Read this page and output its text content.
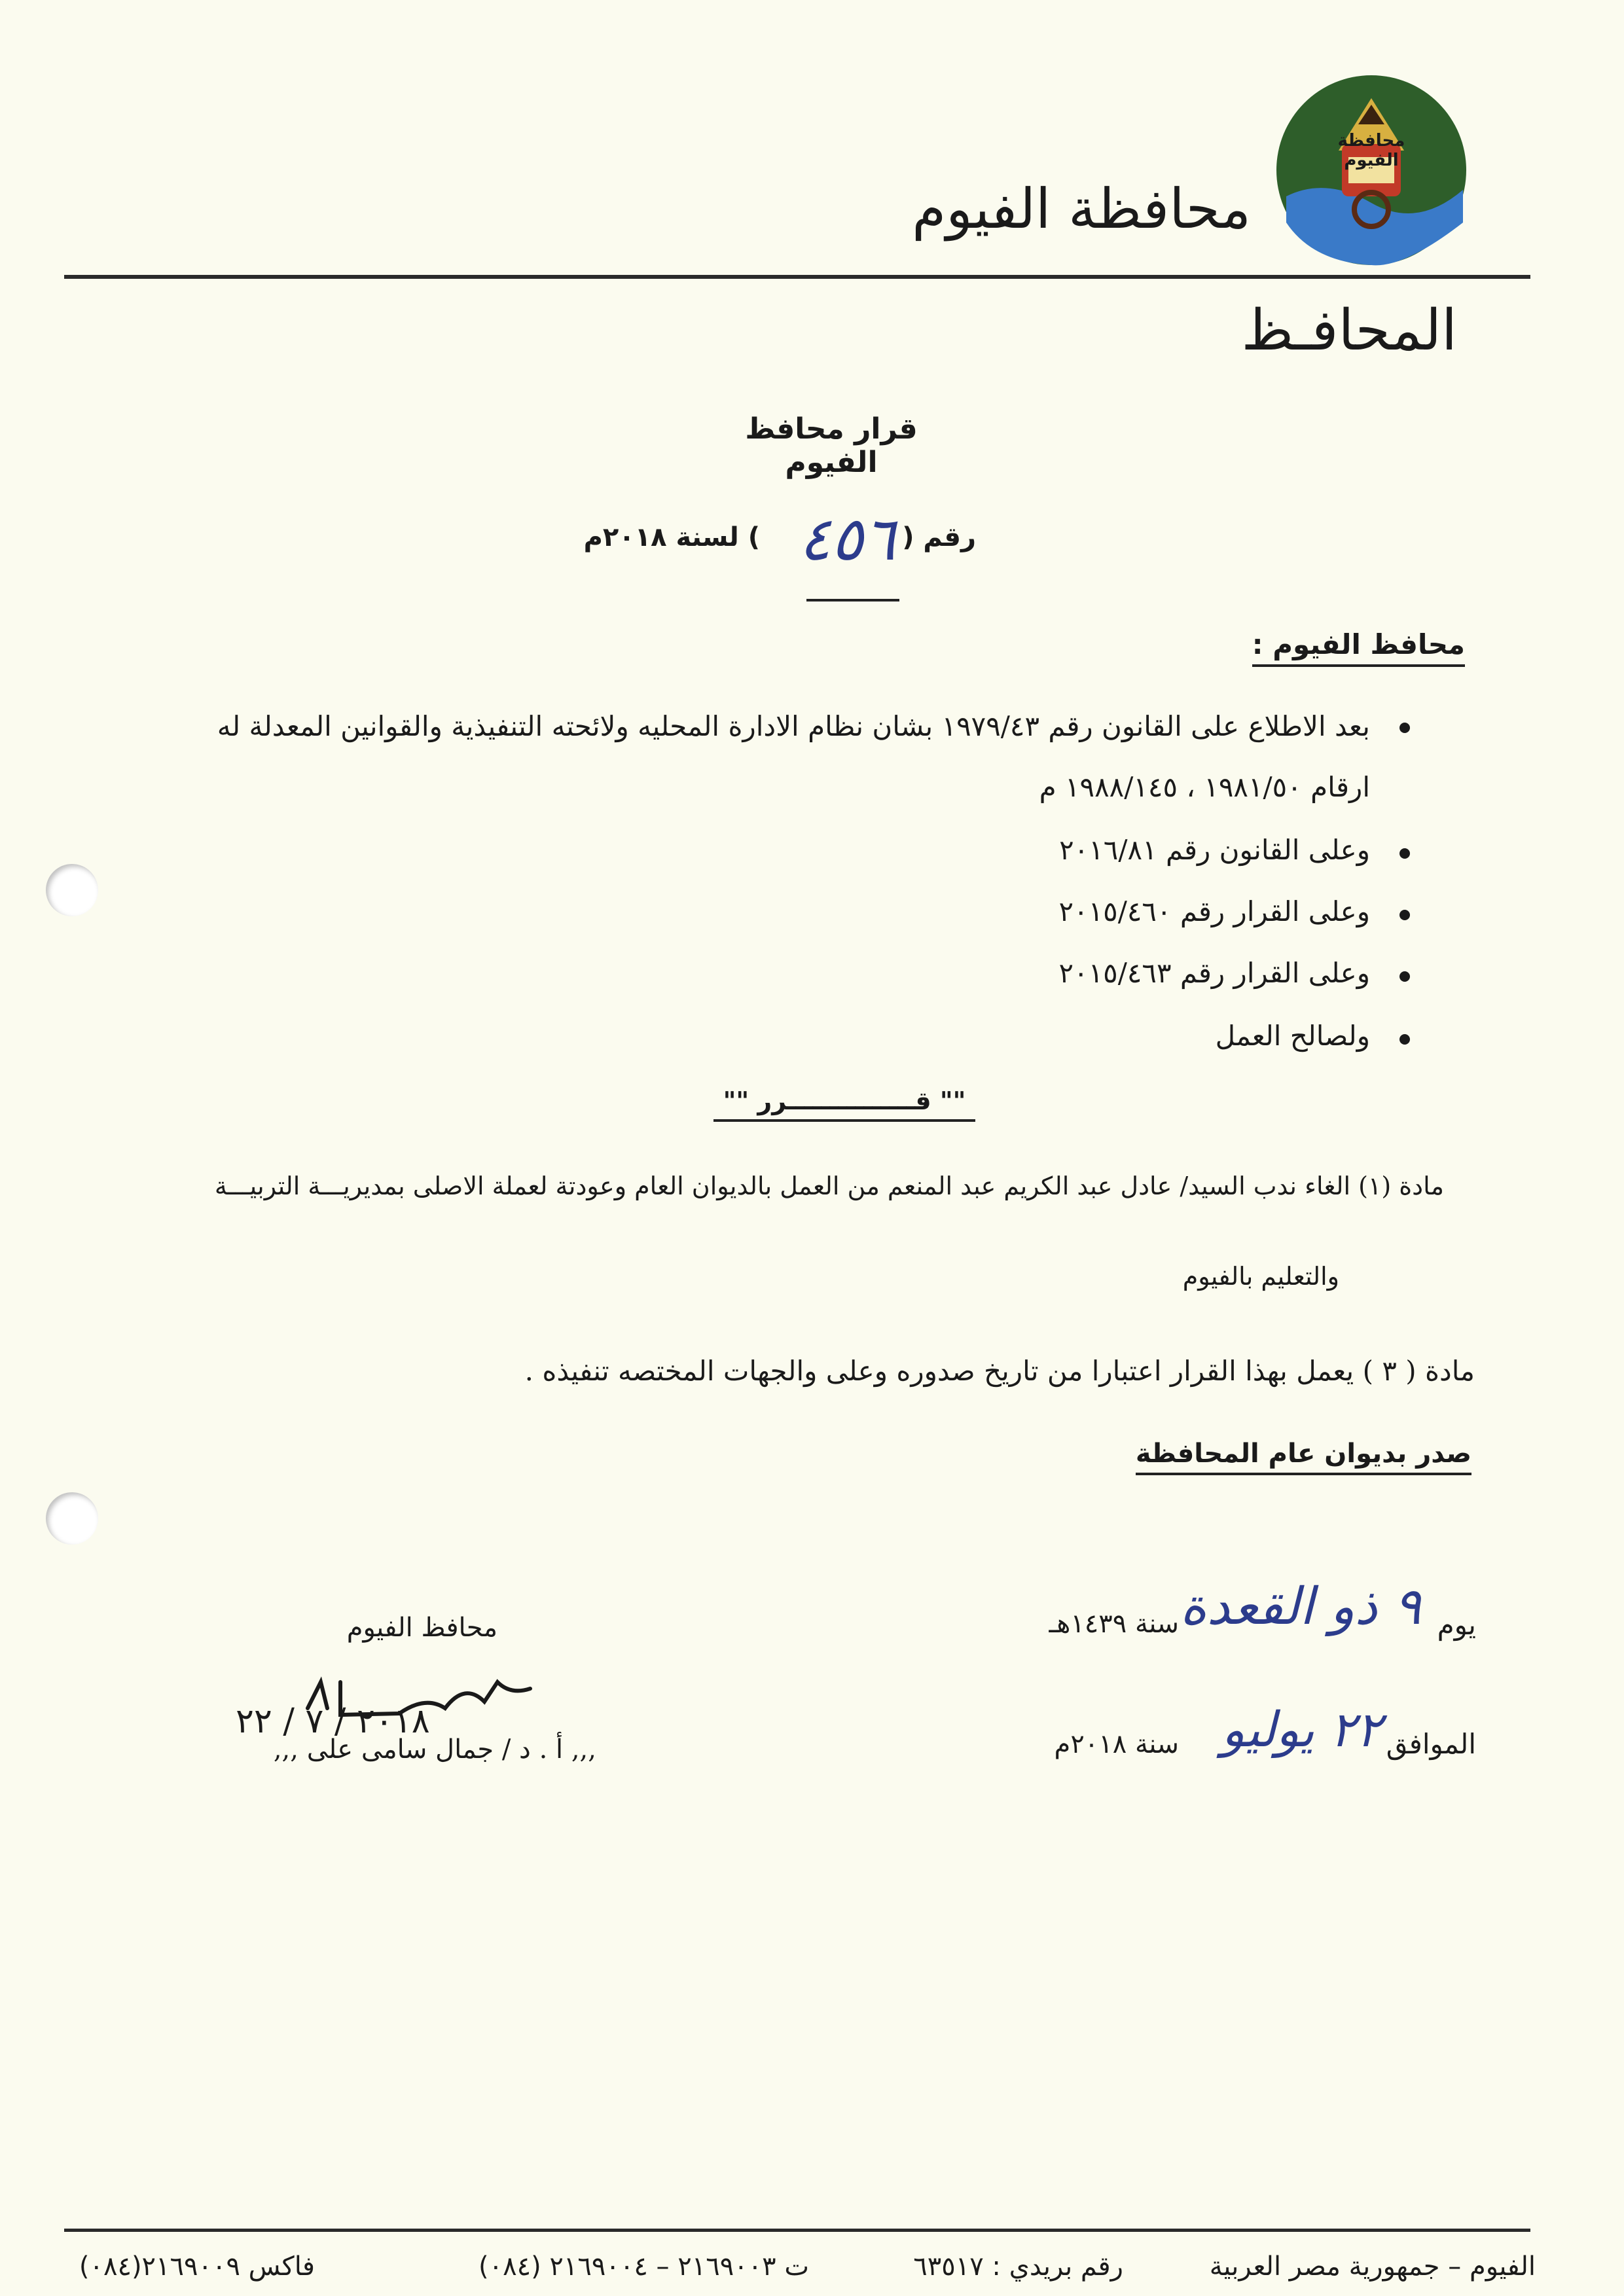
محافظة الفيوم
محافظة الفيوم
المحافـظ
قرار محافظ الفيوم
رقم (
٤٥٦
) لسنة ٢٠١٨م
محافظ الفيوم :
بعد الاطلاع على القانون رقم ١٩٧٩/٤٣ بشان نظام الادارة المحليه ولائحته التنفيذية والقوانين المعدلة له
ارقام ١٩٨١/٥٠ ، ١٩٨٨/١٤٥ م
وعلى القانون رقم ٢٠١٦/٨١
وعلى القرار رقم ٢٠١٥/٤٦٠
وعلى القرار رقم ٢٠١٥/٤٦٣
ولصالح العمل
"" قـــــــــــــــرر ""
مادة (١) الغاء ندب السيد/ عادل عبد الكريم عبد المنعم من العمل بالديوان العام وعودتة لعملة الاصلى بمديريـــة التربيـــة
والتعليم بالفيوم
مادة ( ٣ ) يعمل بهذا القرار اعتبارا من تاريخ صدوره وعلى والجهات المختصه تنفيذه .
صدر بديوان عام المحافظة
يوم
٩ ذو القعدة
سنة ١٤٣٩هـ
الموافق
٢٢ يوليو
سنة ٢٠١٨م
محافظ الفيوم
٢٠١٨ / ٧ / ٢٢
,,, أ . د / جمال سامى على ,,,
الفيوم – جمهورية مصر العربية
رقم بريدي : ٦٣٥١٧
ت ٢١٦٩٠٠٣ – ٢١٦٩٠٠٤ (٠٨٤)
فاكس ٢١٦٩٠٠٩(٠٨٤)
